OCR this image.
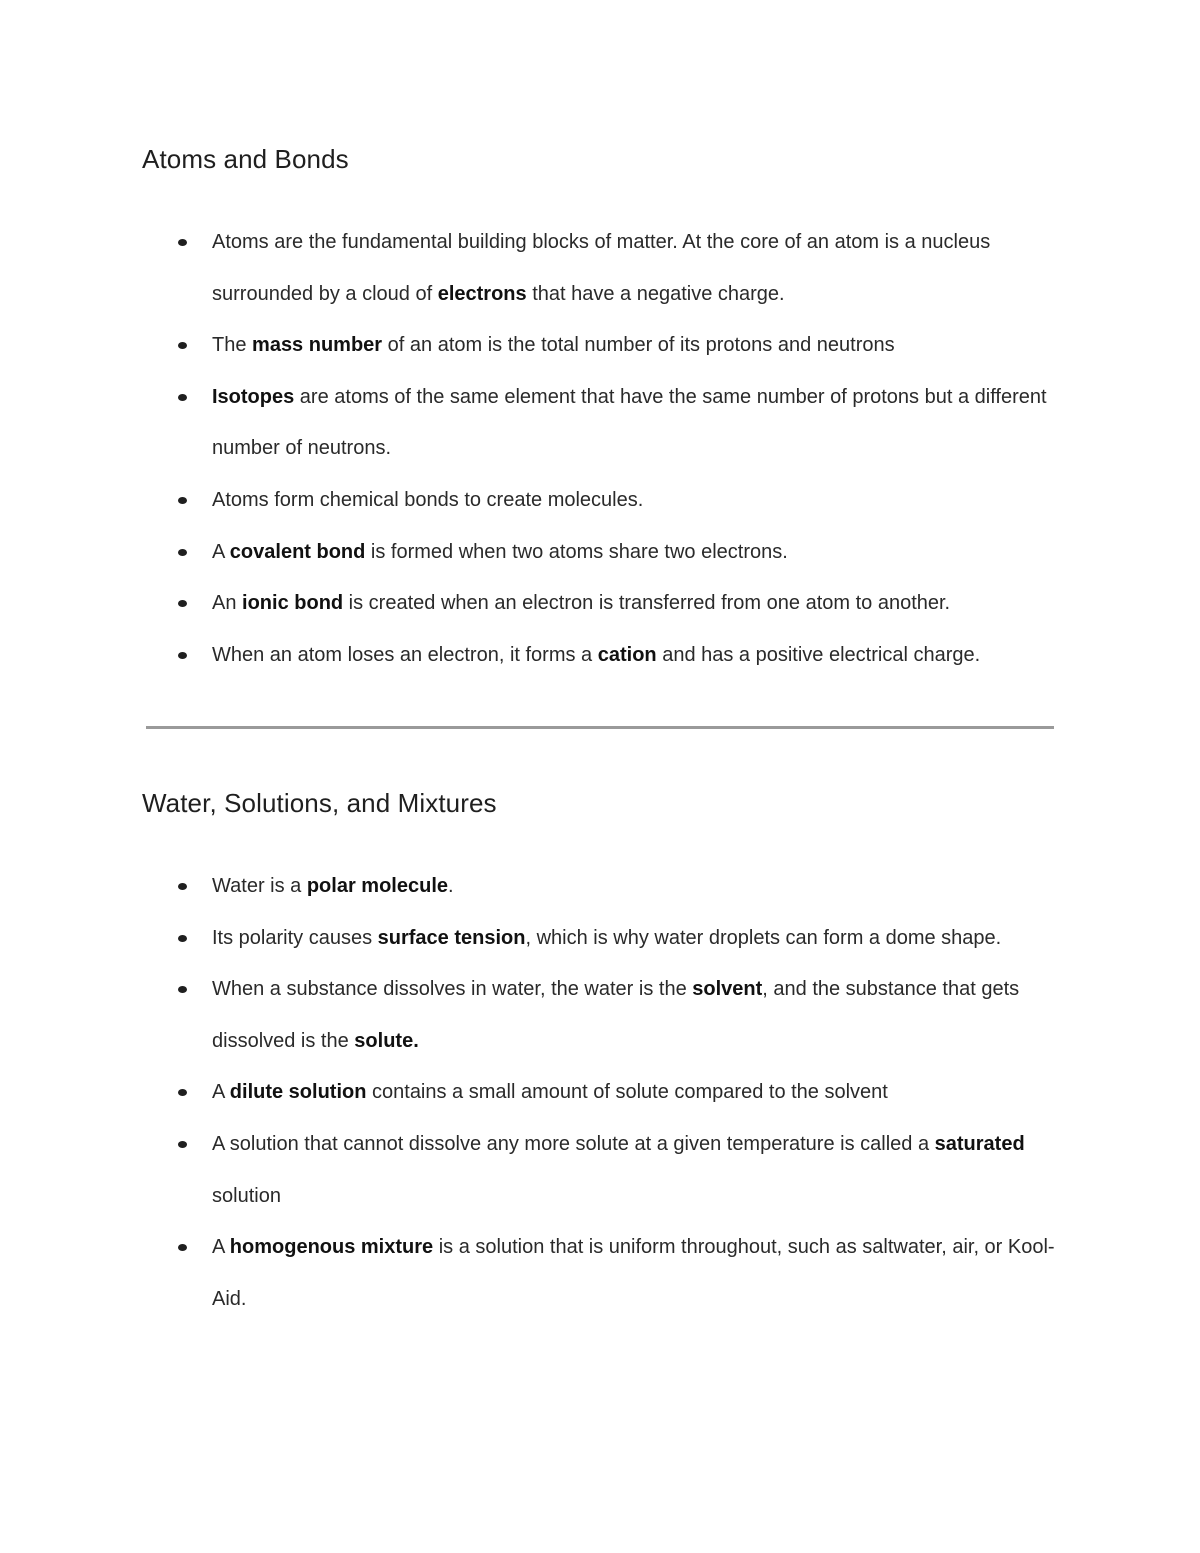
Atoms and Bonds
Atoms are the fundamental building blocks of matter. At the core of an atom is a nucleus surrounded by a cloud of electrons that have a negative charge.
The mass number of an atom is the total number of its protons and neutrons
Isotopes are atoms of the same element that have the same number of protons but a different number of neutrons.
Atoms form chemical bonds to create molecules.
A covalent bond is formed when two atoms share two electrons.
An ionic bond is created when an electron is transferred from one atom to another.
When an atom loses an electron, it forms a cation and has a positive electrical charge.
Water, Solutions, and Mixtures
Water is a polar molecule.
Its polarity causes surface tension, which is why water droplets can form a dome shape.
When a substance dissolves in water, the water is the solvent, and the substance that gets dissolved is the solute.
A dilute solution contains a small amount of solute compared to the solvent
A solution that cannot dissolve any more solute at a given temperature is called a saturated solution
A homogenous mixture is a solution that is uniform throughout, such as saltwater, air, or Kool-Aid.
